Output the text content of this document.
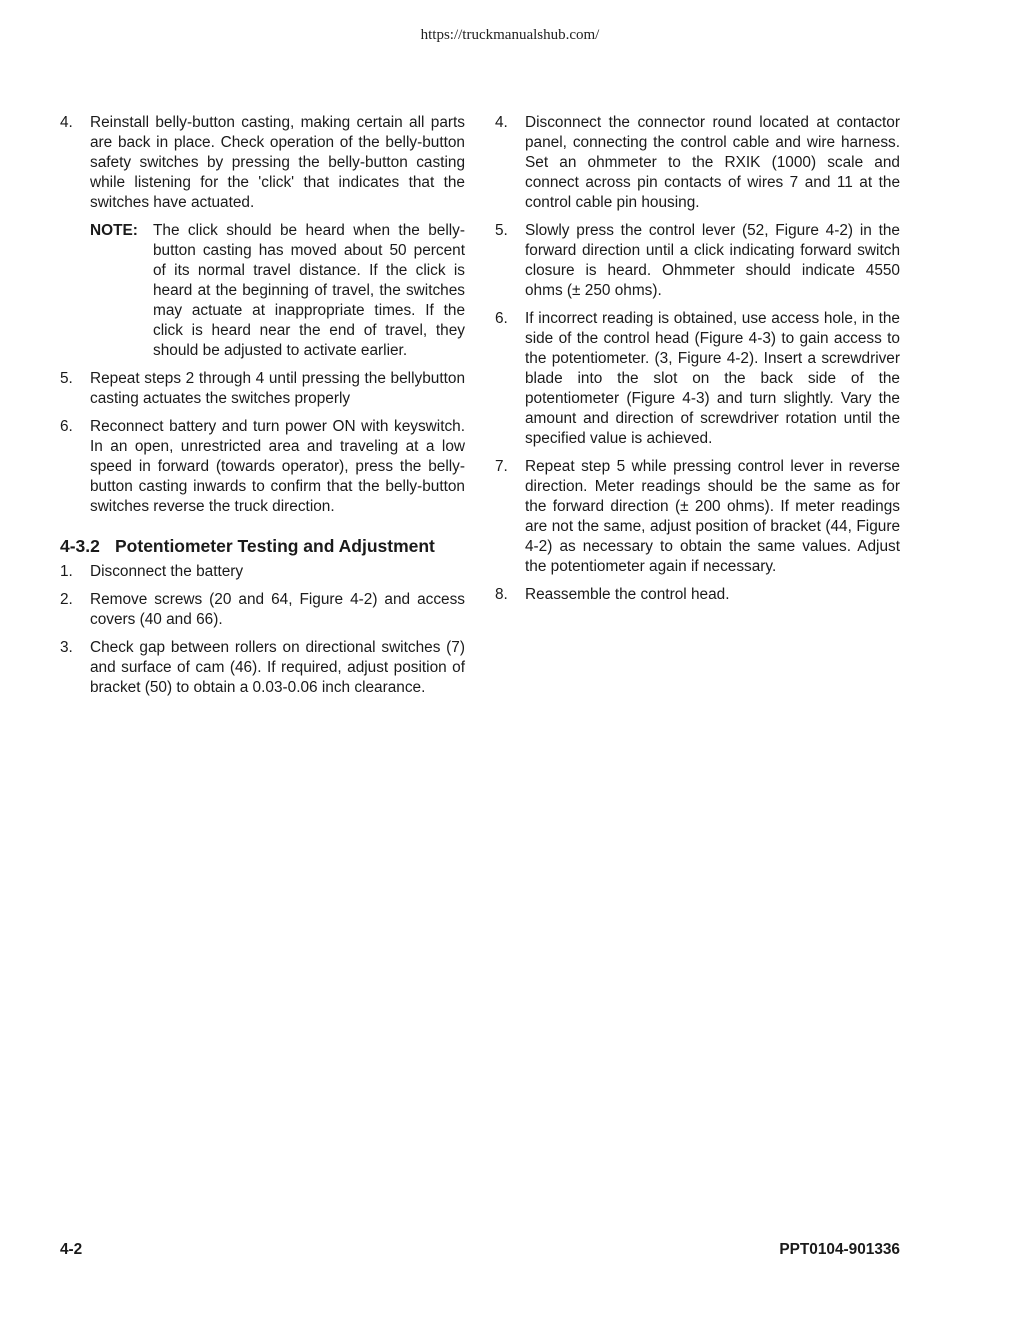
https://truckmanualshub.com/
4.	Reinstall belly-button casting, making certain all parts are back in place. Check operation of the belly-button safety switches by pressing the belly-button casting while listening for the 'click' that indicates that the switches have actuated.
NOTE: The click should be heard when the belly-button casting has moved about 50 percent of its normal travel distance. If the click is heard at the beginning of travel, the switches may actuate at inappropriate times. If the click is heard near the end of travel, they should be adjusted to activate earlier.
5.	Repeat steps 2 through 4 until pressing the bellybutton casting actuates the switches properly
6.	Reconnect battery and turn power ON with keyswitch. In an open, unrestricted area and traveling at a low speed in forward (towards operator), press the belly-button casting inwards to confirm that the belly-button switches reverse the truck direction.
4-3.2 Potentiometer Testing and Adjustment
1.	Disconnect the battery
2.	Remove screws (20 and 64, Figure 4-2) and access covers (40 and 66).
3.	Check gap between rollers on directional switches (7) and surface of cam (46). If required, adjust position of bracket (50) to obtain a 0.03-0.06 inch clearance.
4.	Disconnect the connector round located at contactor panel, connecting the control cable and wire harness. Set an ohmmeter to the RXIK (1000) scale and connect across pin contacts of wires 7 and 11 at the control cable pin housing.
5.	Slowly press the control lever (52, Figure 4-2) in the forward direction until a click indicating forward switch closure is heard. Ohmmeter should indicate 4550 ohms (± 250 ohms).
6.	If incorrect reading is obtained, use access hole, in the side of the control head (Figure 4-3) to gain access to the potentiometer. (3, Figure 4-2). Insert a screwdriver blade into the slot on the back side of the potentiometer (Figure 4-3) and turn slightly. Vary the amount and direction of screwdriver rotation until the specified value is achieved.
7.	Repeat step 5 while pressing control lever in reverse direction. Meter readings should be the same as for the forward direction (± 200 ohms). If meter readings are not the same, adjust position of bracket (44, Figure 4-2) as necessary to obtain the same values. Adjust the potentiometer again if necessary.
8.	Reassemble the control head.
4-2	PPT0104-901336
